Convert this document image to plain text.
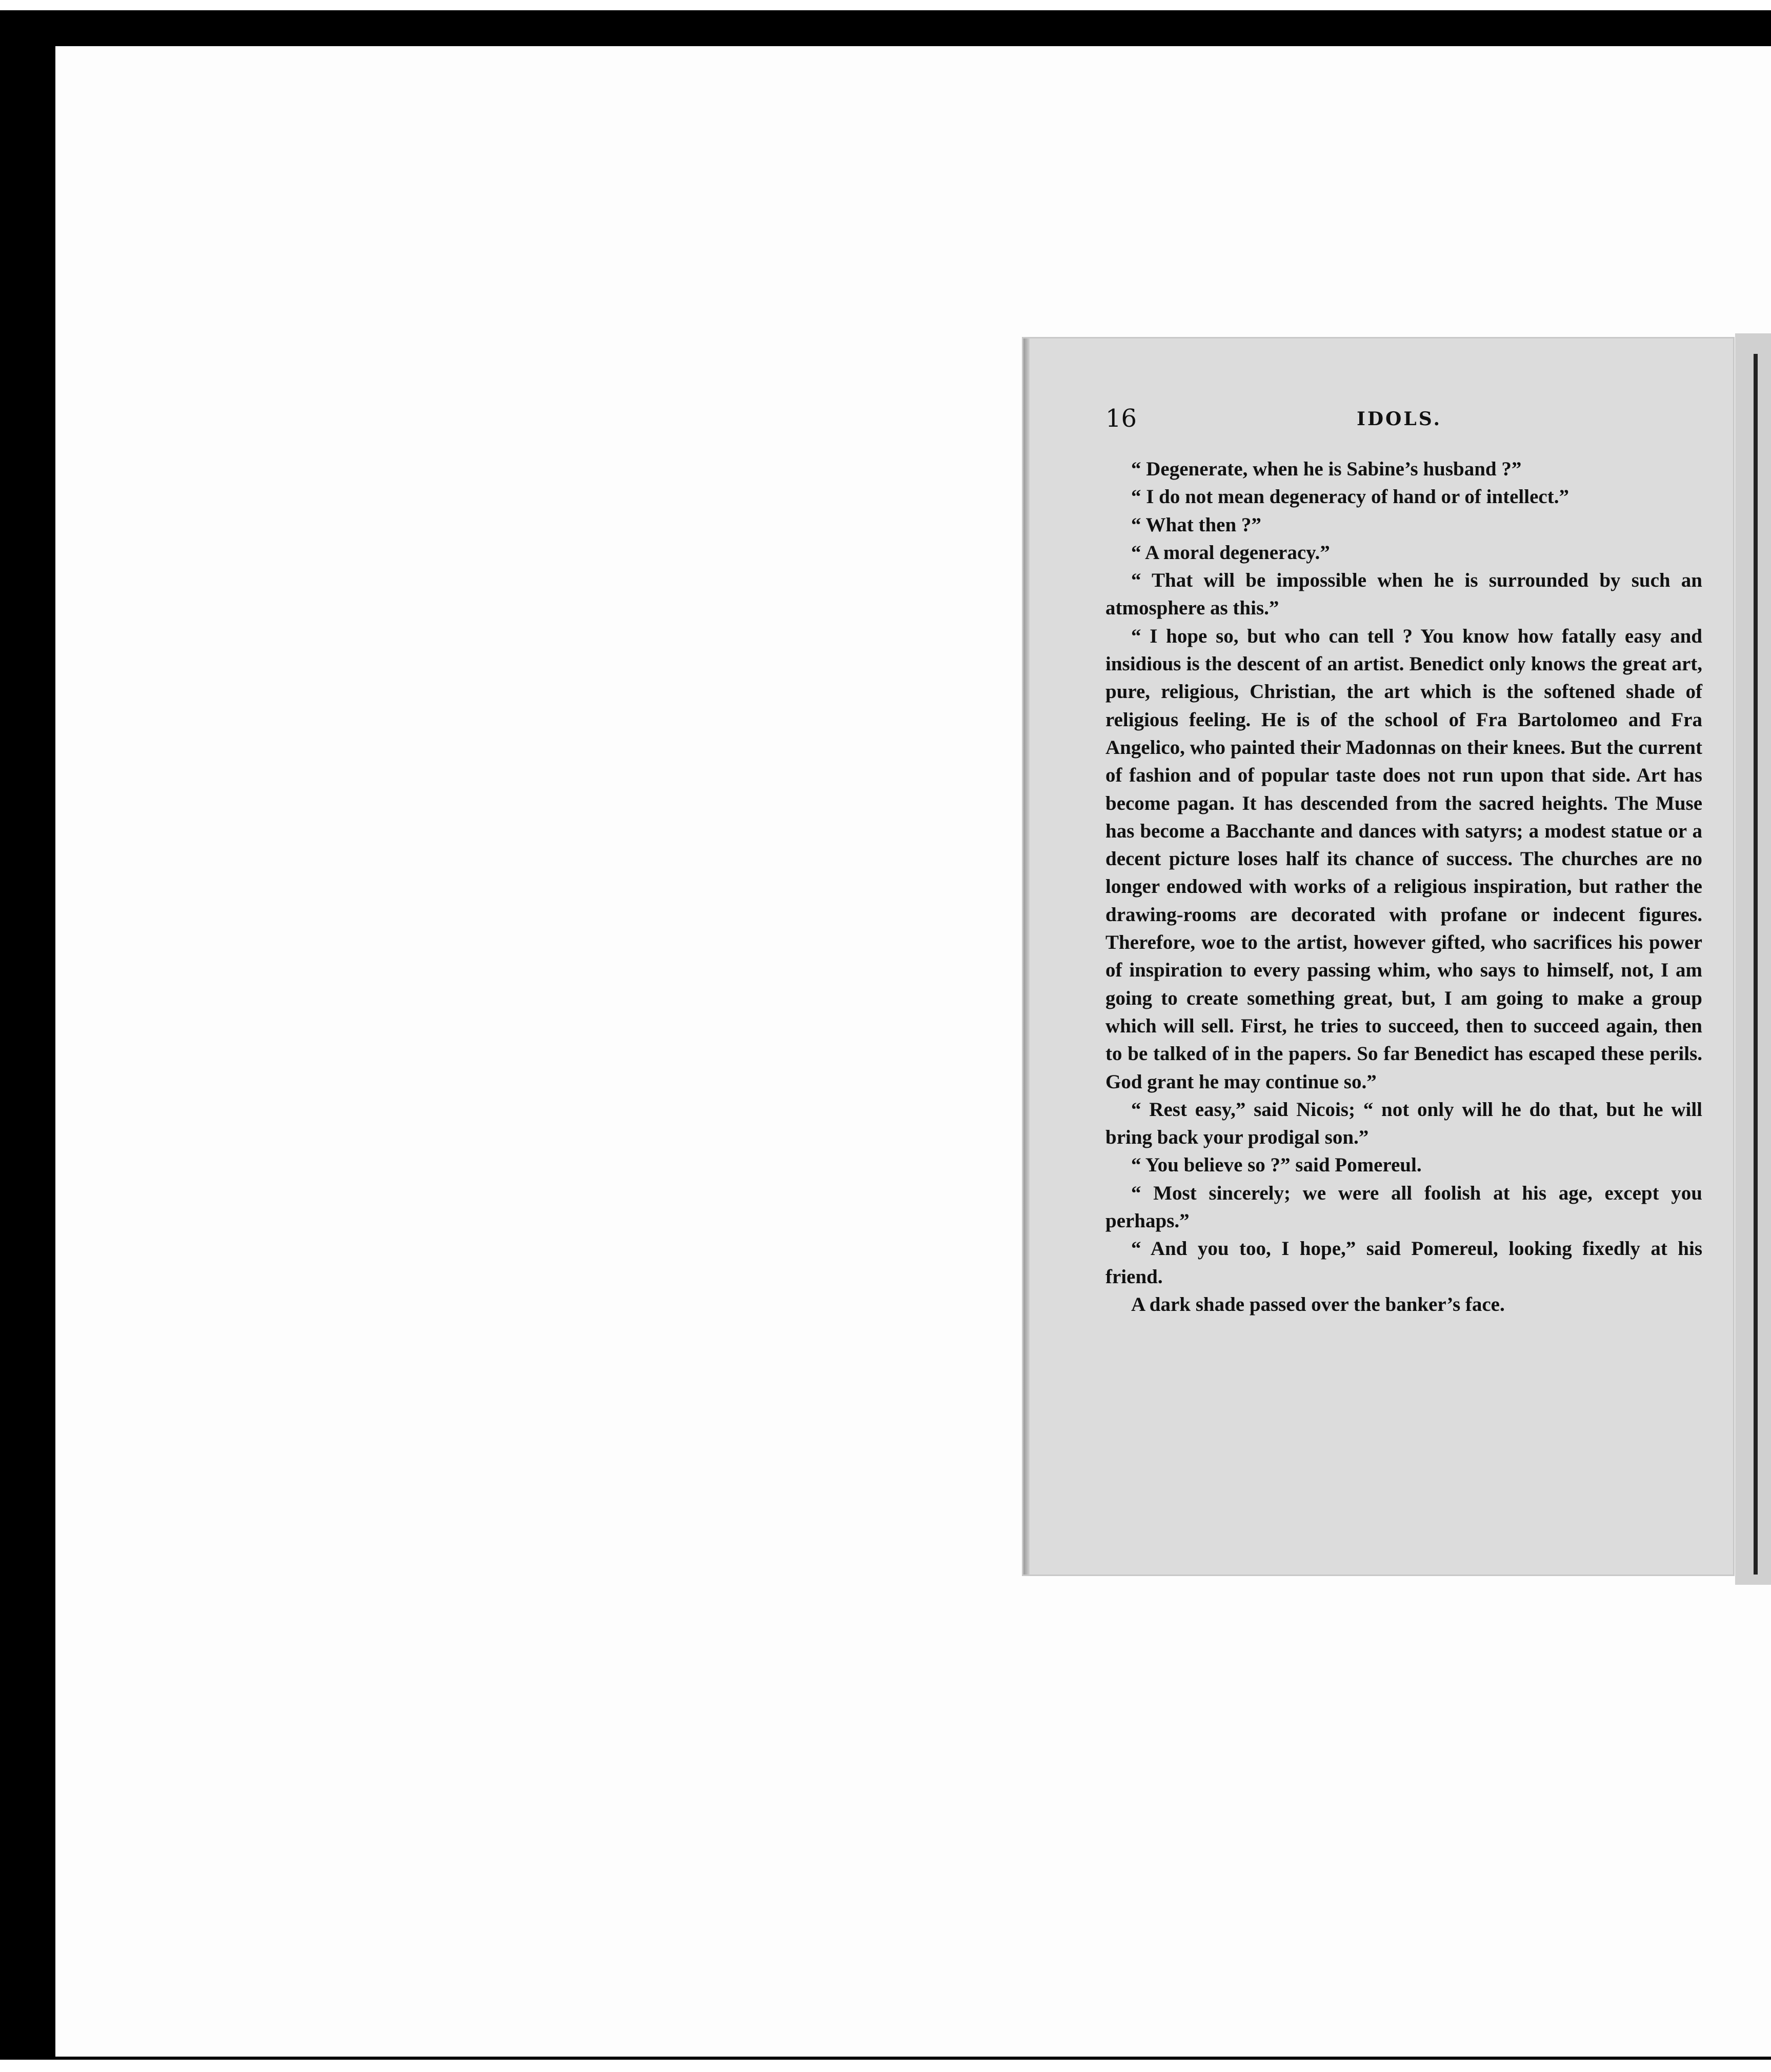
16	IDOLS.

“ Degenerate, when he is Sabine’s husband ?”

“ I do not mean degeneracy of hand or of intellect.”

“ What then ?”

“ A moral degeneracy.”

“ That will be impossible when he is surrounded by such an atmosphere as this.”

“ I hope so, but who can tell ? You know how fatally easy and insidious is the descent of an artist. Benedict only knows the great art, pure, religious, Christian, the art which is the softened shade of religious feeling. He is of the school of Fra Bartolomeo and Fra Angelico, who painted their Madonnas on their knees. But the current of fashion and of popular taste does not run upon that side. Art has become pagan. It has descended from the sacred heights. The Muse has become a Bacchante and dances with satyrs; a modest statue or a decent picture loses half its chance of success. The churches are no longer endowed with works of a religious inspiration, but rather the drawing-rooms are decorated with profane or indecent figures. Therefore, woe to the artist, however gifted, who sacrifices his power of inspiration to every passing whim, who says to himself, not, I am going to create something great, but, I am going to make a group which will sell. First, he tries to succeed, then to succeed again, then to be talked of in the papers. So far Benedict has escaped these perils. God grant he may continue so.”

“ Rest easy,” said Nicois; “ not only will he do that, but he will bring back your prodigal son.”

“ You believe so ?” said Pomereul.

“ Most sincerely; we were all foolish at his age, except you perhaps.”

“ And you too, I hope,” said Pomereul, looking fixedly at his friend.

A dark shade passed over the banker’s face.
